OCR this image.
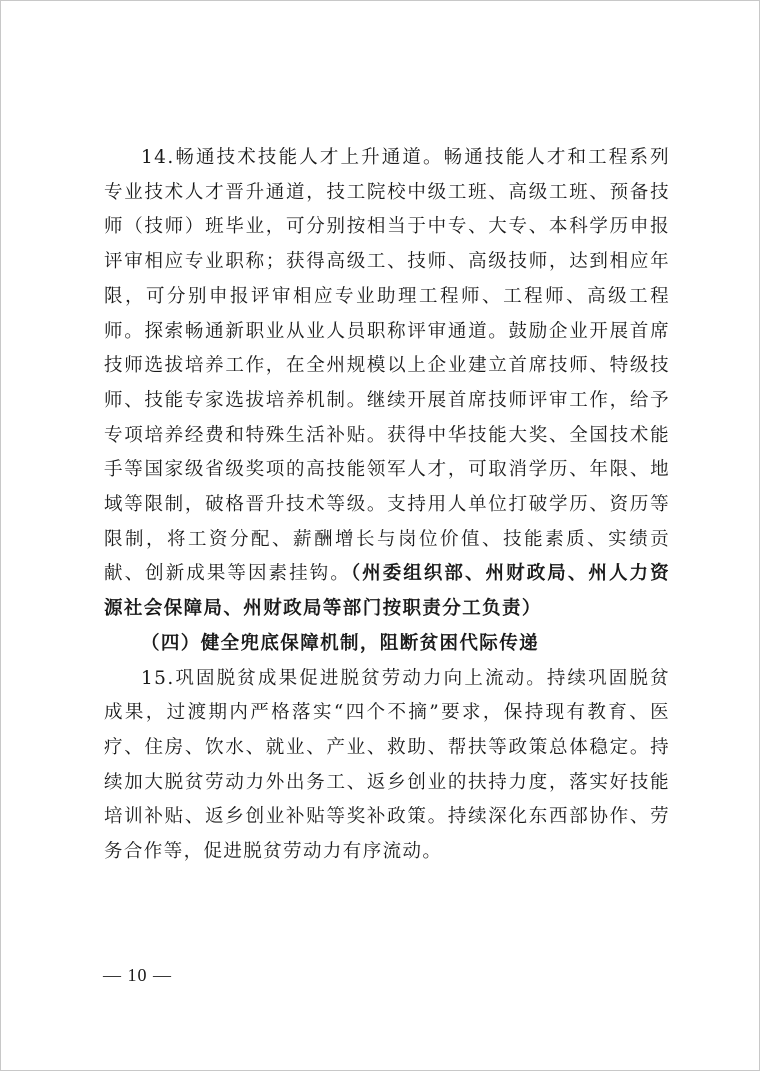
14.畅通技术技能人才上升通道。畅通技能人才和工程系列专业技术人才晋升通道，技工院校中级工班、高级工班、预备技师（技师）班毕业，可分别按相当于中专、大专、本科学历申报评审相应专业职称；获得高级工、技师、高级技师，达到相应年限，可分别申报评审相应专业助理工程师、工程师、高级工程师。探索畅通新职业从业人员职称评审通道。鼓励企业开展首席技师选拔培养工作，在全州规模以上企业建立首席技师、特级技师、技能专家选拔培养机制。继续开展首席技师评审工作，给予专项培养经费和特殊生活补贴。获得中华技能大奖、全国技术能手等国家级省级奖项的高技能领军人才，可取消学历、年限、地域等限制，破格晋升技术等级。支持用人单位打破学历、资历等限制，将工资分配、薪酬增长与岗位价值、技能素质、实绩贡献、创新成果等因素挂钩。（州委组织部、州财政局、州人力资源社会保障局、州财政局等部门按职责分工负责）

（四）健全兜底保障机制，阻断贫困代际传递

15.巩固脱贫成果促进脱贫劳动力向上流动。持续巩固脱贫成果，过渡期内严格落实“四个不摘”要求，保持现有教育、医疗、住房、饮水、就业、产业、救助、帮扶等政策总体稳定。持续加大脱贫劳动力外出务工、返乡创业的扶持力度，落实好技能培训补贴、返乡创业补贴等奖补政策。持续深化东西部协作、劳务合作等，促进脱贫劳动力有序流动。

— 10 —
